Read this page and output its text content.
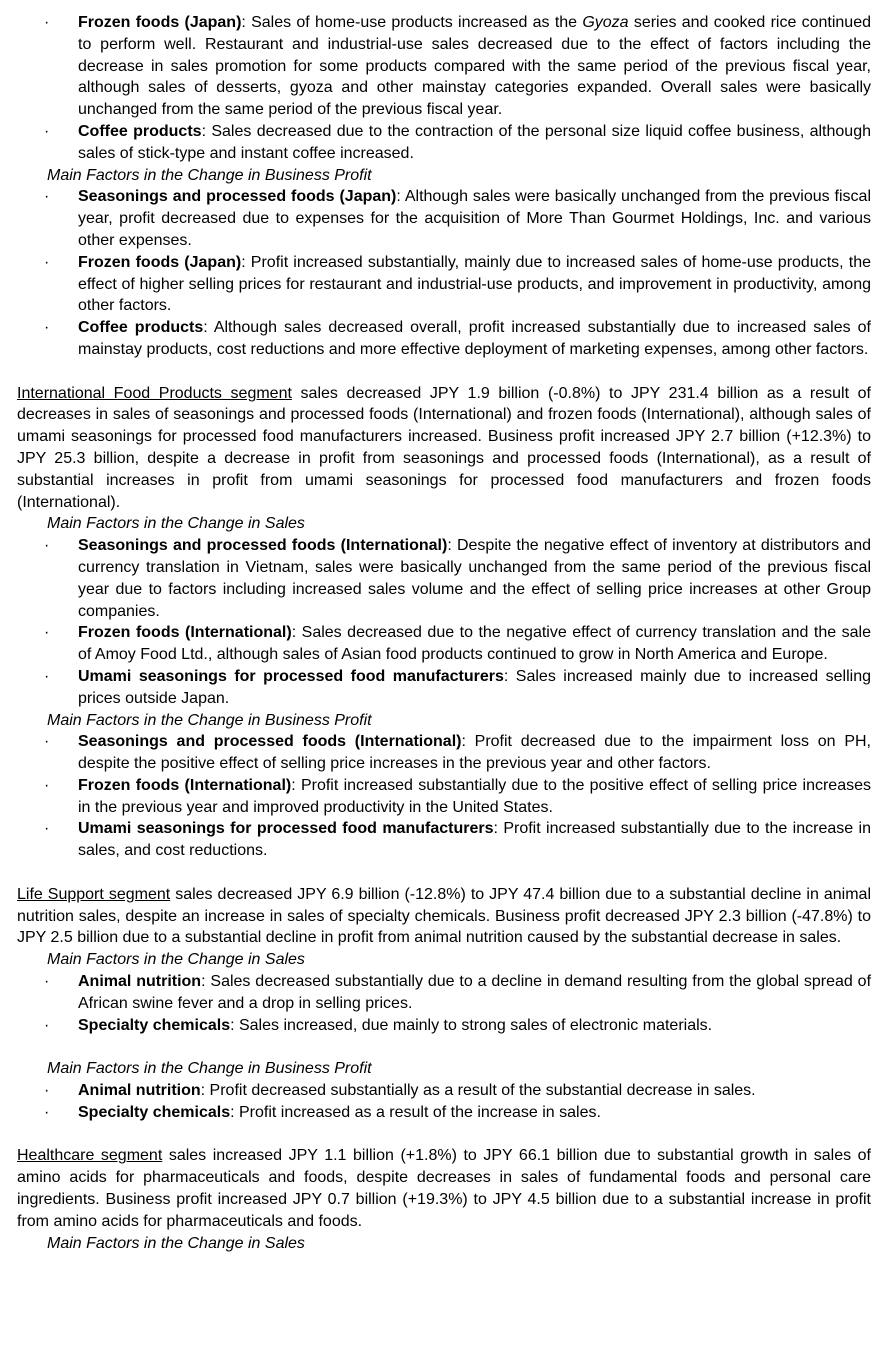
· Frozen foods (Japan): Sales of home-use products increased as the Gyoza series and cooked rice continued to perform well. Restaurant and industrial-use sales decreased due to the effect of factors including the decrease in sales promotion for some products compared with the same period of the previous fiscal year, although sales of desserts, gyoza and other mainstay categories expanded. Overall sales were basically unchanged from the same period of the previous fiscal year.
· Coffee products: Sales decreased due to the contraction of the personal size liquid coffee business, although sales of stick-type and instant coffee increased.

Main Factors in the Change in Business Profit

· Seasonings and processed foods (Japan): Although sales were basically unchanged from the previous fiscal year, profit decreased due to expenses for the acquisition of More Than Gourmet Holdings, Inc. and various other expenses.
· Frozen foods (Japan): Profit increased substantially, mainly due to increased sales of home-use products, the effect of higher selling prices for restaurant and industrial-use products, and improvement in productivity, among other factors.
· Coffee products: Although sales decreased overall, profit increased substantially due to increased sales of mainstay products, cost reductions and more effective deployment of marketing expenses, among other factors.

International Food Products segment sales decreased JPY 1.9 billion (-0.8%) to JPY 231.4 billion as a result of decreases in sales of seasonings and processed foods (International) and frozen foods (International), although sales of umami seasonings for processed food manufacturers increased. Business profit increased JPY 2.7 billion (+12.3%) to JPY 25.3 billion, despite a decrease in profit from seasonings and processed foods (International), as a result of substantial increases in profit from umami seasonings for processed food manufacturers and frozen foods (International).

Main Factors in the Change in Sales

· Seasonings and processed foods (International): Despite the negative effect of inventory at distributors and currency translation in Vietnam, sales were basically unchanged from the same period of the previous fiscal year due to factors including increased sales volume and the effect of selling price increases at other Group companies.
· Frozen foods (International): Sales decreased due to the negative effect of currency translation and the sale of Amoy Food Ltd., although sales of Asian food products continued to grow in North America and Europe.
· Umami seasonings for processed food manufacturers: Sales increased mainly due to increased selling prices outside Japan.

Main Factors in the Change in Business Profit

· Seasonings and processed foods (International): Profit decreased due to the impairment loss on PH, despite the positive effect of selling price increases in the previous year and other factors.
· Frozen foods (International): Profit increased substantially due to the positive effect of selling price increases in the previous year and improved productivity in the United States.
· Umami seasonings for processed food manufacturers: Profit increased substantially due to the increase in sales, and cost reductions.

Life Support segment sales decreased JPY 6.9 billion (-12.8%) to JPY 47.4 billion due to a substantial decline in animal nutrition sales, despite an increase in sales of specialty chemicals. Business profit decreased JPY 2.3 billion (-47.8%) to JPY 2.5 billion due to a substantial decline in profit from animal nutrition caused by the substantial decrease in sales.

Main Factors in the Change in Sales

· Animal nutrition: Sales decreased substantially due to a decline in demand resulting from the global spread of African swine fever and a drop in selling prices.
· Specialty chemicals: Sales increased, due mainly to strong sales of electronic materials.

Main Factors in the Change in Business Profit

· Animal nutrition: Profit decreased substantially as a result of the substantial decrease in sales.
· Specialty chemicals: Profit increased as a result of the increase in sales.

Healthcare segment sales increased JPY 1.1 billion (+1.8%) to JPY 66.1 billion due to substantial growth in sales of amino acids for pharmaceuticals and foods, despite decreases in sales of fundamental foods and personal care ingredients. Business profit increased JPY 0.7 billion (+19.3%) to JPY 4.5 billion due to a substantial increase in profit from amino acids for pharmaceuticals and foods.

Main Factors in the Change in Sales
